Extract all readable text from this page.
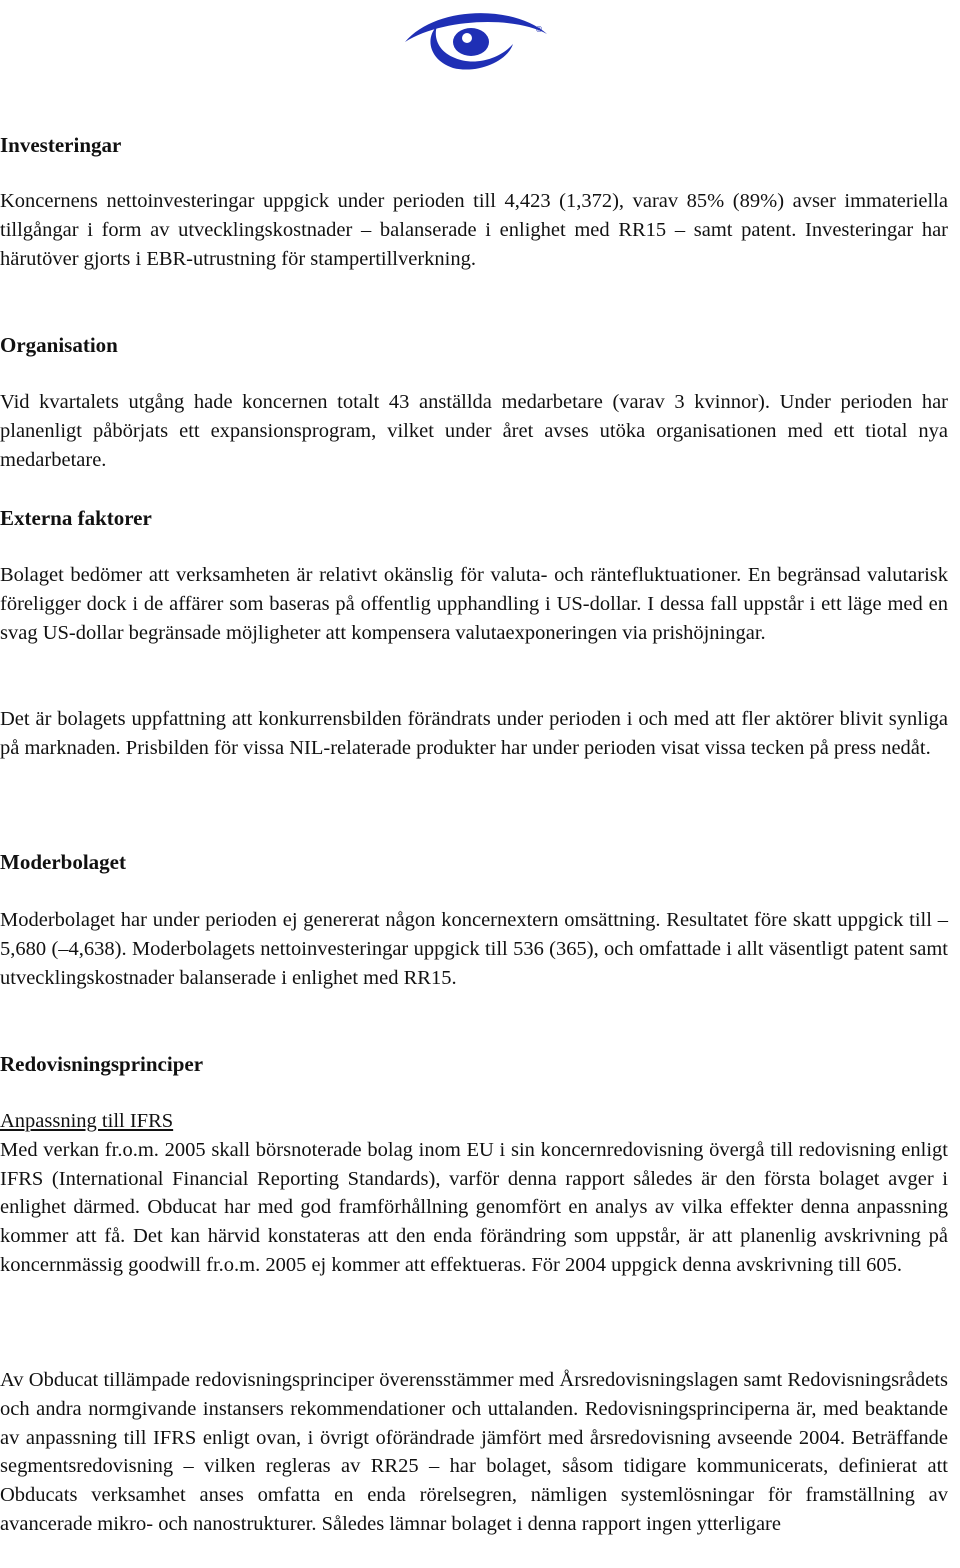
®
Investeringar

Koncernens nettoinvesteringar uppgick under perioden till 4,423 (1,372), varav 85% (89%) avser immateriella tillgångar i form av utvecklingskostnader – balanserade i enlighet med RR15 – samt patent. Investeringar har härutöver gjorts i EBR-utrustning för stampertillverkning.

Organisation

Vid kvartalets utgång hade koncernen totalt 43 anställda medarbetare (varav 3 kvinnor). Under perioden har planenligt påbörjats ett expansionsprogram, vilket under året avses utöka organisationen med ett tiotal nya medarbetare.

Externa faktorer

Bolaget bedömer att verksamheten är relativt okänslig för valuta- och räntefluktuationer. En begränsad valutarisk föreligger dock i de affärer som baseras på offentlig upphandling i US-dollar. I dessa fall uppstår i ett läge med en svag US-dollar begränsade möjligheter att kompensera valutaexponeringen via prishöjningar.

Det är bolagets uppfattning att konkurrensbilden förändrats under perioden i och med att fler aktörer blivit synliga på marknaden. Prisbilden för vissa NIL-relaterade produkter har under perioden visat vissa tecken på press nedåt.

Moderbolaget

Moderbolaget har under perioden ej genererat någon koncernextern omsättning. Resultatet före skatt uppgick till –5,680 (–4,638). Moderbolagets nettoinvesteringar uppgick till 536 (365), och omfattade i allt väsentligt patent samt utvecklingskostnader balanserade i enlighet med RR15.

Redovisningsprinciper
Anpassning till IFRS

Med verkan fr.o.m. 2005 skall börsnoterade bolag inom EU i sin koncernredovisning övergå till redovisning enligt IFRS (International Financial Reporting Standards), varför denna rapport således är den första bolaget avger i enlighet därmed. Obducat har med god framförhållning genomfört en analys av vilka effekter denna anpassning kommer att få. Det kan härvid konstateras att den enda förändring som uppstår, är att planenlig avskrivning på koncernmässig goodwill fr.o.m. 2005 ej kommer att effektueras. För 2004 uppgick denna avskrivning till 605.

Av Obducat tillämpade redovisningsprinciper överensstämmer med Årsredovisningslagen samt Redovisningsrådets och andra normgivande instansers rekommendationer och uttalanden. Redovisningsprinciperna är, med beaktande av anpassning till IFRS enligt ovan, i övrigt oförändrade jämfört med årsredovisning avseende 2004. Beträffande segmentsredovisning – vilken regleras av RR25 – har bolaget, såsom tidigare kommunicerats, definierat att Obducats verksamhet anses omfatta en enda rörelsegren, nämligen systemlösningar för framställning av avancerade mikro- och nanostrukturer. Således lämnar bolaget i denna rapport ingen ytterligare
